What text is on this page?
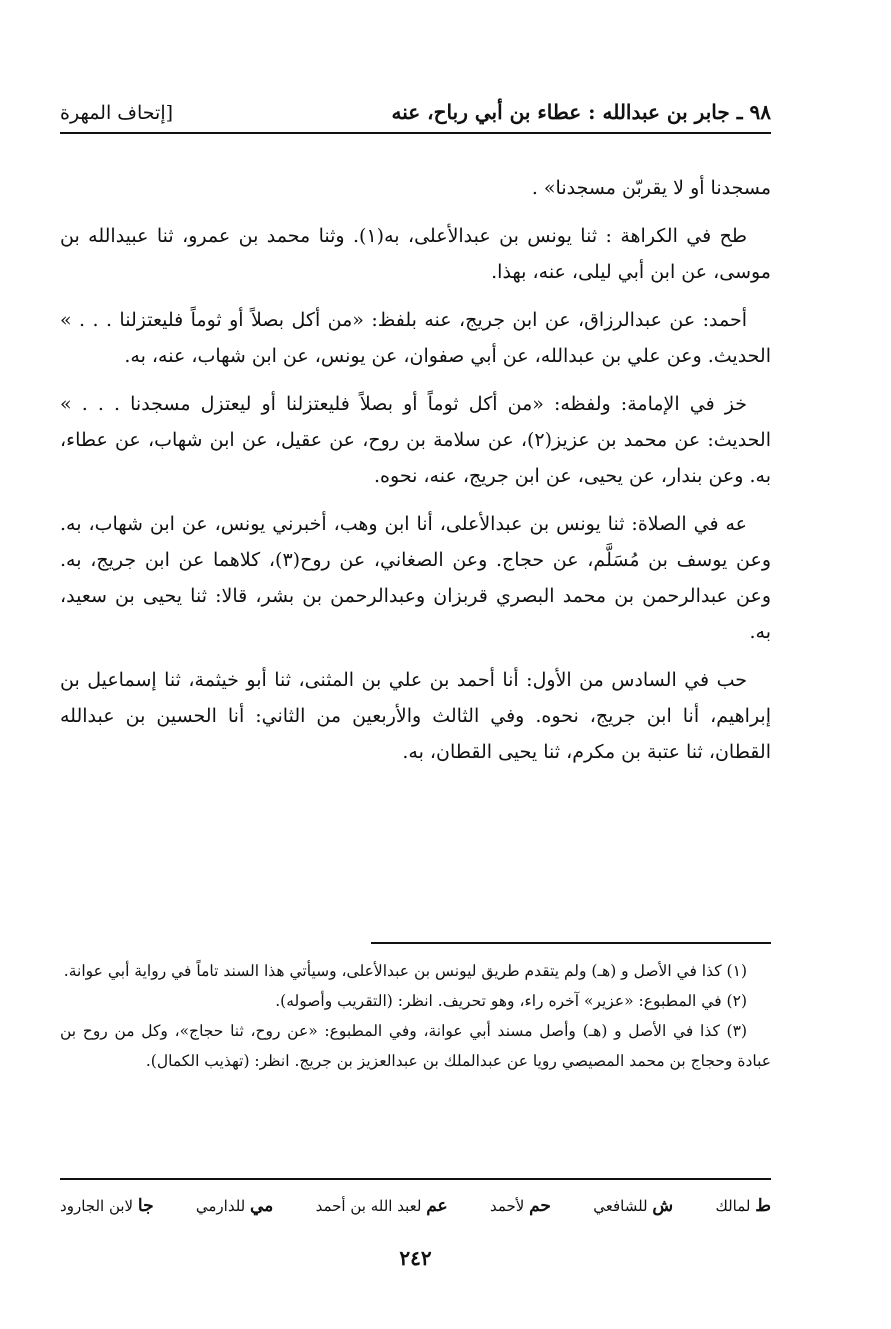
٩٨ ـ جابر بن عبدالله : عطاء بن أبي رباح، عنه
[إتحاف المهرة

مسجدنا أو لا يقربّن مسجدنا» .

طح في الكراهة : ثنا يونس بن عبدالأعلى، به(١). وثنا محمد بن عمرو، ثنا عبيدالله بن موسى، عن ابن أبي ليلى، عنه، بهذا.

أحمد: عن عبدالرزاق، عن ابن جريج، عنه بلفظ: «من أكل بصلاً أو ثوماً فليعتزلنا . . . » الحديث. وعن علي بن عبدالله، عن أبي صفوان، عن يونس، عن ابن شهاب، عنه، به.

خز في الإمامة: ولفظه: «من أكل ثوماً أو بصلاً فليعتزلنا أو ليعتزل مسجدنا . . . » الحديث: عن محمد بن عزيز(٢)، عن سلامة بن روح، عن عقيل، عن ابن شهاب، عن عطاء، به. وعن بندار، عن يحيى، عن ابن جريج، عنه، نحوه.

عه في الصلاة: ثنا يونس بن عبدالأعلى، أنا ابن وهب، أخبرني يونس، عن ابن شهاب، به. وعن يوسف بن مُسَلَّم، عن حجاج. وعن الصغاني، عن روح(٣)، كلاهما عن ابن جريج، به. وعن عبدالرحمن بن محمد البصري قربزان وعبدالرحمن بن بشر، قالا: ثنا يحيى بن سعيد، به.

حب في السادس من الأول: أنا أحمد بن علي بن المثنى، ثنا أبو خيثمة، ثنا إسماعيل بن إبراهيم، أنا ابن جريج، نحوه. وفي الثالث والأربعين من الثاني: أنا الحسين بن عبدالله القطان، ثنا عتبة بن مكرم، ثنا يحيى القطان، به.

(١) كذا في الأصل و (هـ) ولم يتقدم طريق ليونس بن عبدالأعلى، وسيأتي هذا السند تاماً في رواية أبي عوانة.

(٢) في المطبوع: «عزير» آخره راء، وهو تحريف. انظر: (التقريب وأصوله).

(٣) كذا في الأصل و (هـ) وأصل مسند أبي عوانة، وفي المطبوع: «عن روح، ثنا حجاج»، وكل من روح بن عبادة وحجاج بن محمد المصيصي رويا عن عبدالملك بن عبدالعزيز بن جريج. انظر: (تهذيب الكمال).

ط لمالك
ش للشافعي
حم لأحمد
عم لعبد الله بن أحمد
مي للدارمي
جا لابن الجارود
٢٤٢
